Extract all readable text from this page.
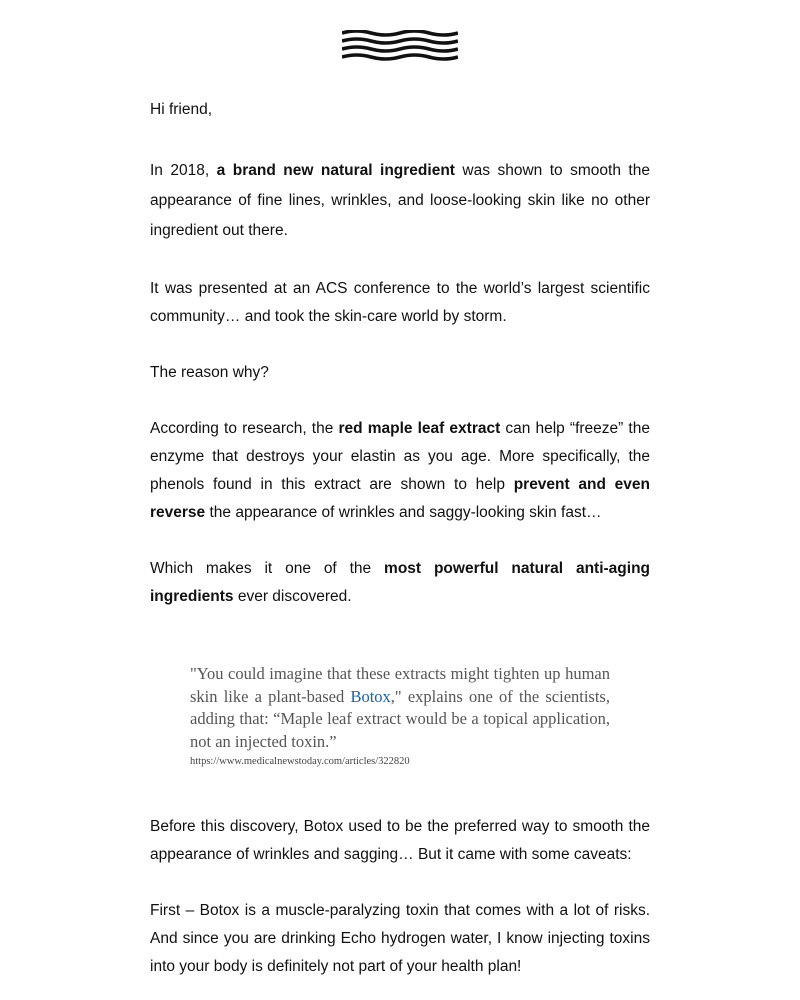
Hi friend,

In 2018, a brand new natural ingredient was shown to smooth the appearance of fine lines, wrinkles, and loose-looking skin like no other ingredient out there.

It was presented at an ACS conference to the world’s largest scientific community… and took the skin-care world by storm.

The reason why?

According to research, the red maple leaf extract can help “freeze” the enzyme that destroys your elastin as you age. More specifically, the phenols found in this extract are shown to help prevent and even reverse the appearance of wrinkles and saggy-looking skin fast…

Which makes it one of the most powerful natural anti-aging ingredients ever discovered.

"You could imagine that these extracts might tighten up human skin like a plant-based Botox," explains one of the scientists, adding that: “Maple leaf extract would be a topical application, not an injected toxin.”
https://www.medicalnewstoday.com/articles/322820

Before this discovery, Botox used to be the preferred way to smooth the appearance of wrinkles and sagging… But it came with some caveats:

First – Botox is a muscle-paralyzing toxin that comes with a lot of risks. And since you are drinking Echo hydrogen water, I know injecting toxins into your body is definitely not part of your health plan!
